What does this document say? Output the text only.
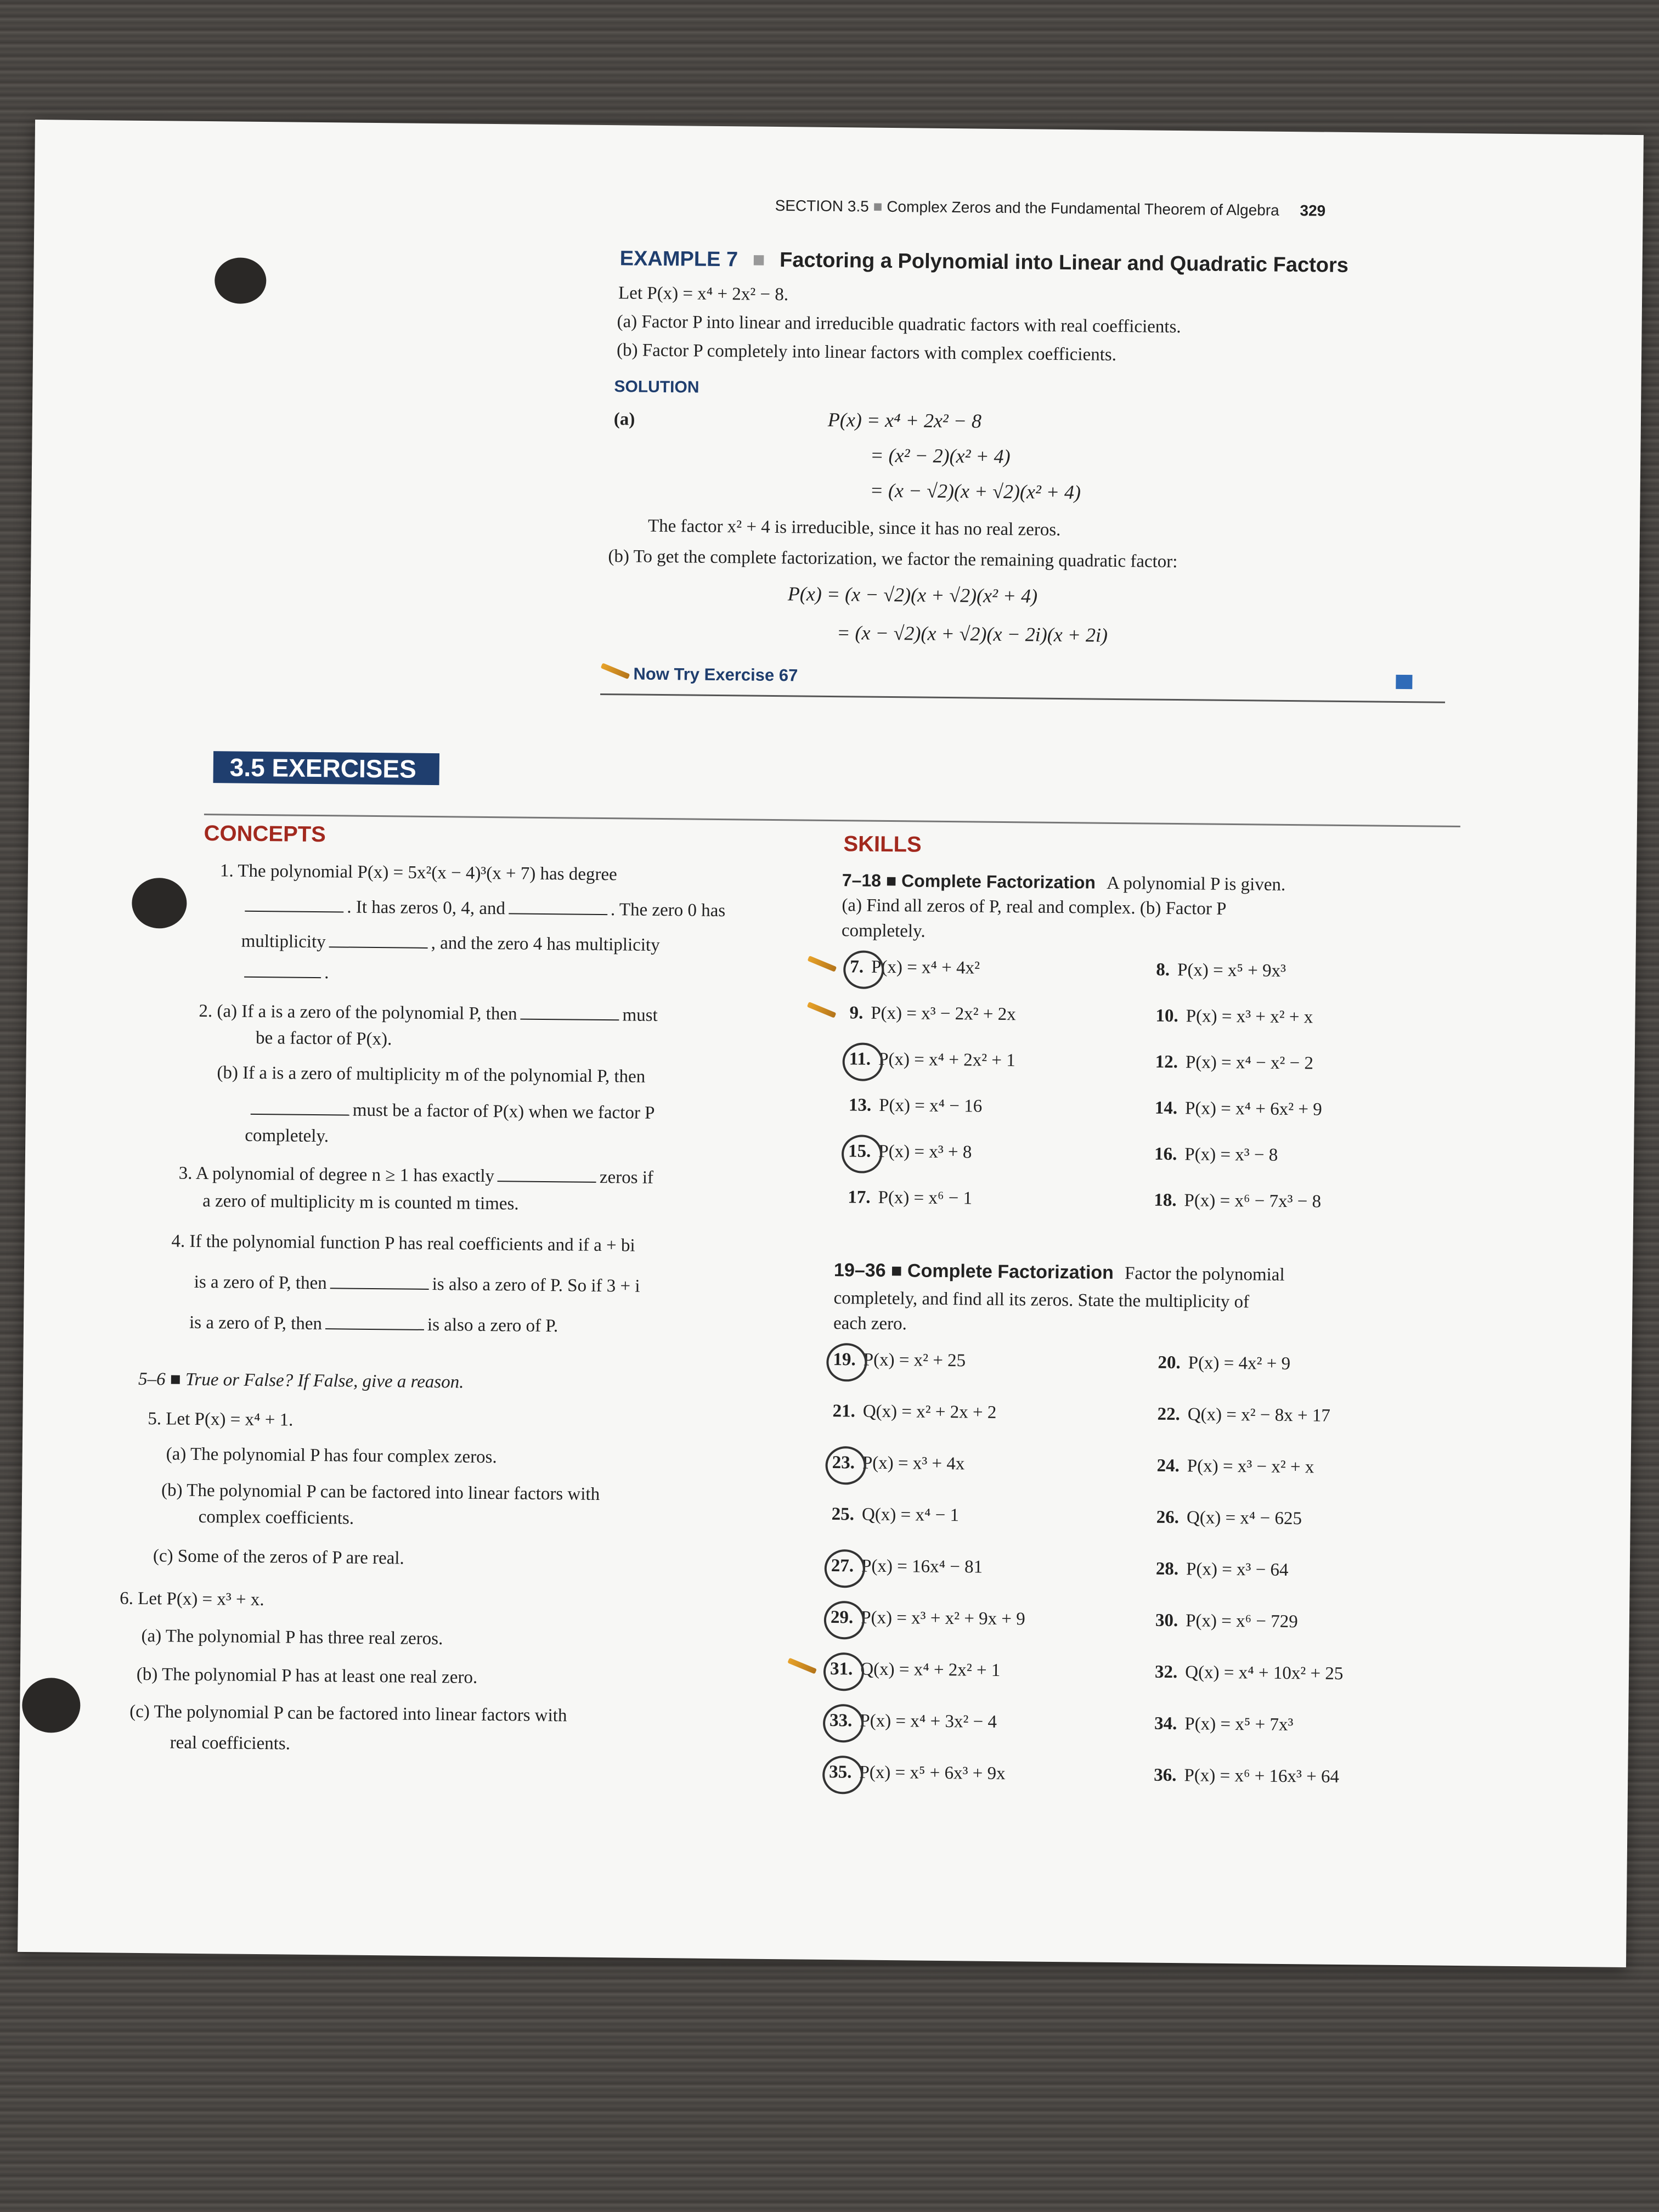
SECTION 3.5 ■ Complex Zeros and the Fundamental Theorem of Algebra 329
EXAMPLE 7 ■ Factoring a Polynomial into Linear and Quadratic Factors
Let P(x) = x⁴ + 2x² − 8.
(a) Factor P into linear and irreducible quadratic factors with real coefficients.
(b) Factor P completely into linear factors with complex coefficients.
SOLUTION
(a)	P(x) = x⁴ + 2x² − 8
= (x² − 2)(x² + 4)
= (x − √2)(x + √2)(x² + 4)
The factor x² + 4 is irreducible, since it has no real zeros.
(b) To get the complete factorization, we factor the remaining quadratic factor:
P(x) = (x − √2)(x + √2)(x² + 4)
= (x − √2)(x + √2)(x − 2i)(x + 2i)
Now Try Exercise 67
3.5 EXERCISES
CONCEPTS
1. The polynomial P(x) = 5x²(x − 4)³(x + 7) has degree
. It has zeros 0, 4, and	. The zero 0 has
multiplicity	, and the zero 4 has multiplicity
.
2. (a) If a is a zero of the polynomial P, then	must
be a factor of P(x).
(b) If a is a zero of multiplicity m of the polynomial P, then
must be a factor of P(x) when we factor P
completely.
3. A polynomial of degree n ≥ 1 has exactly	zeros if
a zero of multiplicity m is counted m times.
4. If the polynomial function P has real coefficients and if a + bi
is a zero of P, then	is also a zero of P. So if 3 + i
is a zero of P, then	is also a zero of P.
5–6 ■ True or False? If False, give a reason.
5. Let P(x) = x⁴ + 1.
(a) The polynomial P has four complex zeros.
(b) The polynomial P can be factored into linear factors with
complex coefficients.
(c) Some of the zeros of P are real.
6. Let P(x) = x³ + x.
(a) The polynomial P has three real zeros.
(b) The polynomial P has at least one real zero.
(c) The polynomial P can be factored into linear factors with
real coefficients.
SKILLS
7–18 ■ Complete Factorization A polynomial P is given.
(a) Find all zeros of P, real and complex. (b) Factor P
completely.
7. P(x) = x⁴ + 4x²	8. P(x) = x⁵ + 9x³
9. P(x) = x³ − 2x² + 2x	10. P(x) = x³ + x² + x
11. P(x) = x⁴ + 2x² + 1	12. P(x) = x⁴ − x² − 2
13. P(x) = x⁴ − 16	14. P(x) = x⁴ + 6x² + 9
15. P(x) = x³ + 8	16. P(x) = x³ − 8
17. P(x) = x⁶ − 1	18. P(x) = x⁶ − 7x³ − 8
19–36 ■ Complete Factorization Factor the polynomial
completely, and find all its zeros. State the multiplicity of
each zero.
19. P(x) = x² + 25	20. P(x) = 4x² + 9
21. Q(x) = x² + 2x + 2	22. Q(x) = x² − 8x + 17
23. P(x) = x³ + 4x	24. P(x) = x³ − x² + x
25. Q(x) = x⁴ − 1	26. Q(x) = x⁴ − 625
27. P(x) = 16x⁴ − 81	28. P(x) = x³ − 64
29. P(x) = x³ + x² + 9x + 9	30. P(x) = x⁶ − 729
31. Q(x) = x⁴ + 2x² + 1	32. Q(x) = x⁴ + 10x² + 25
33. P(x) = x⁴ + 3x² − 4	34. P(x) = x⁵ + 7x³
35. P(x) = x⁵ + 6x³ + 9x	36. P(x) = x⁶ + 16x³ + 64
